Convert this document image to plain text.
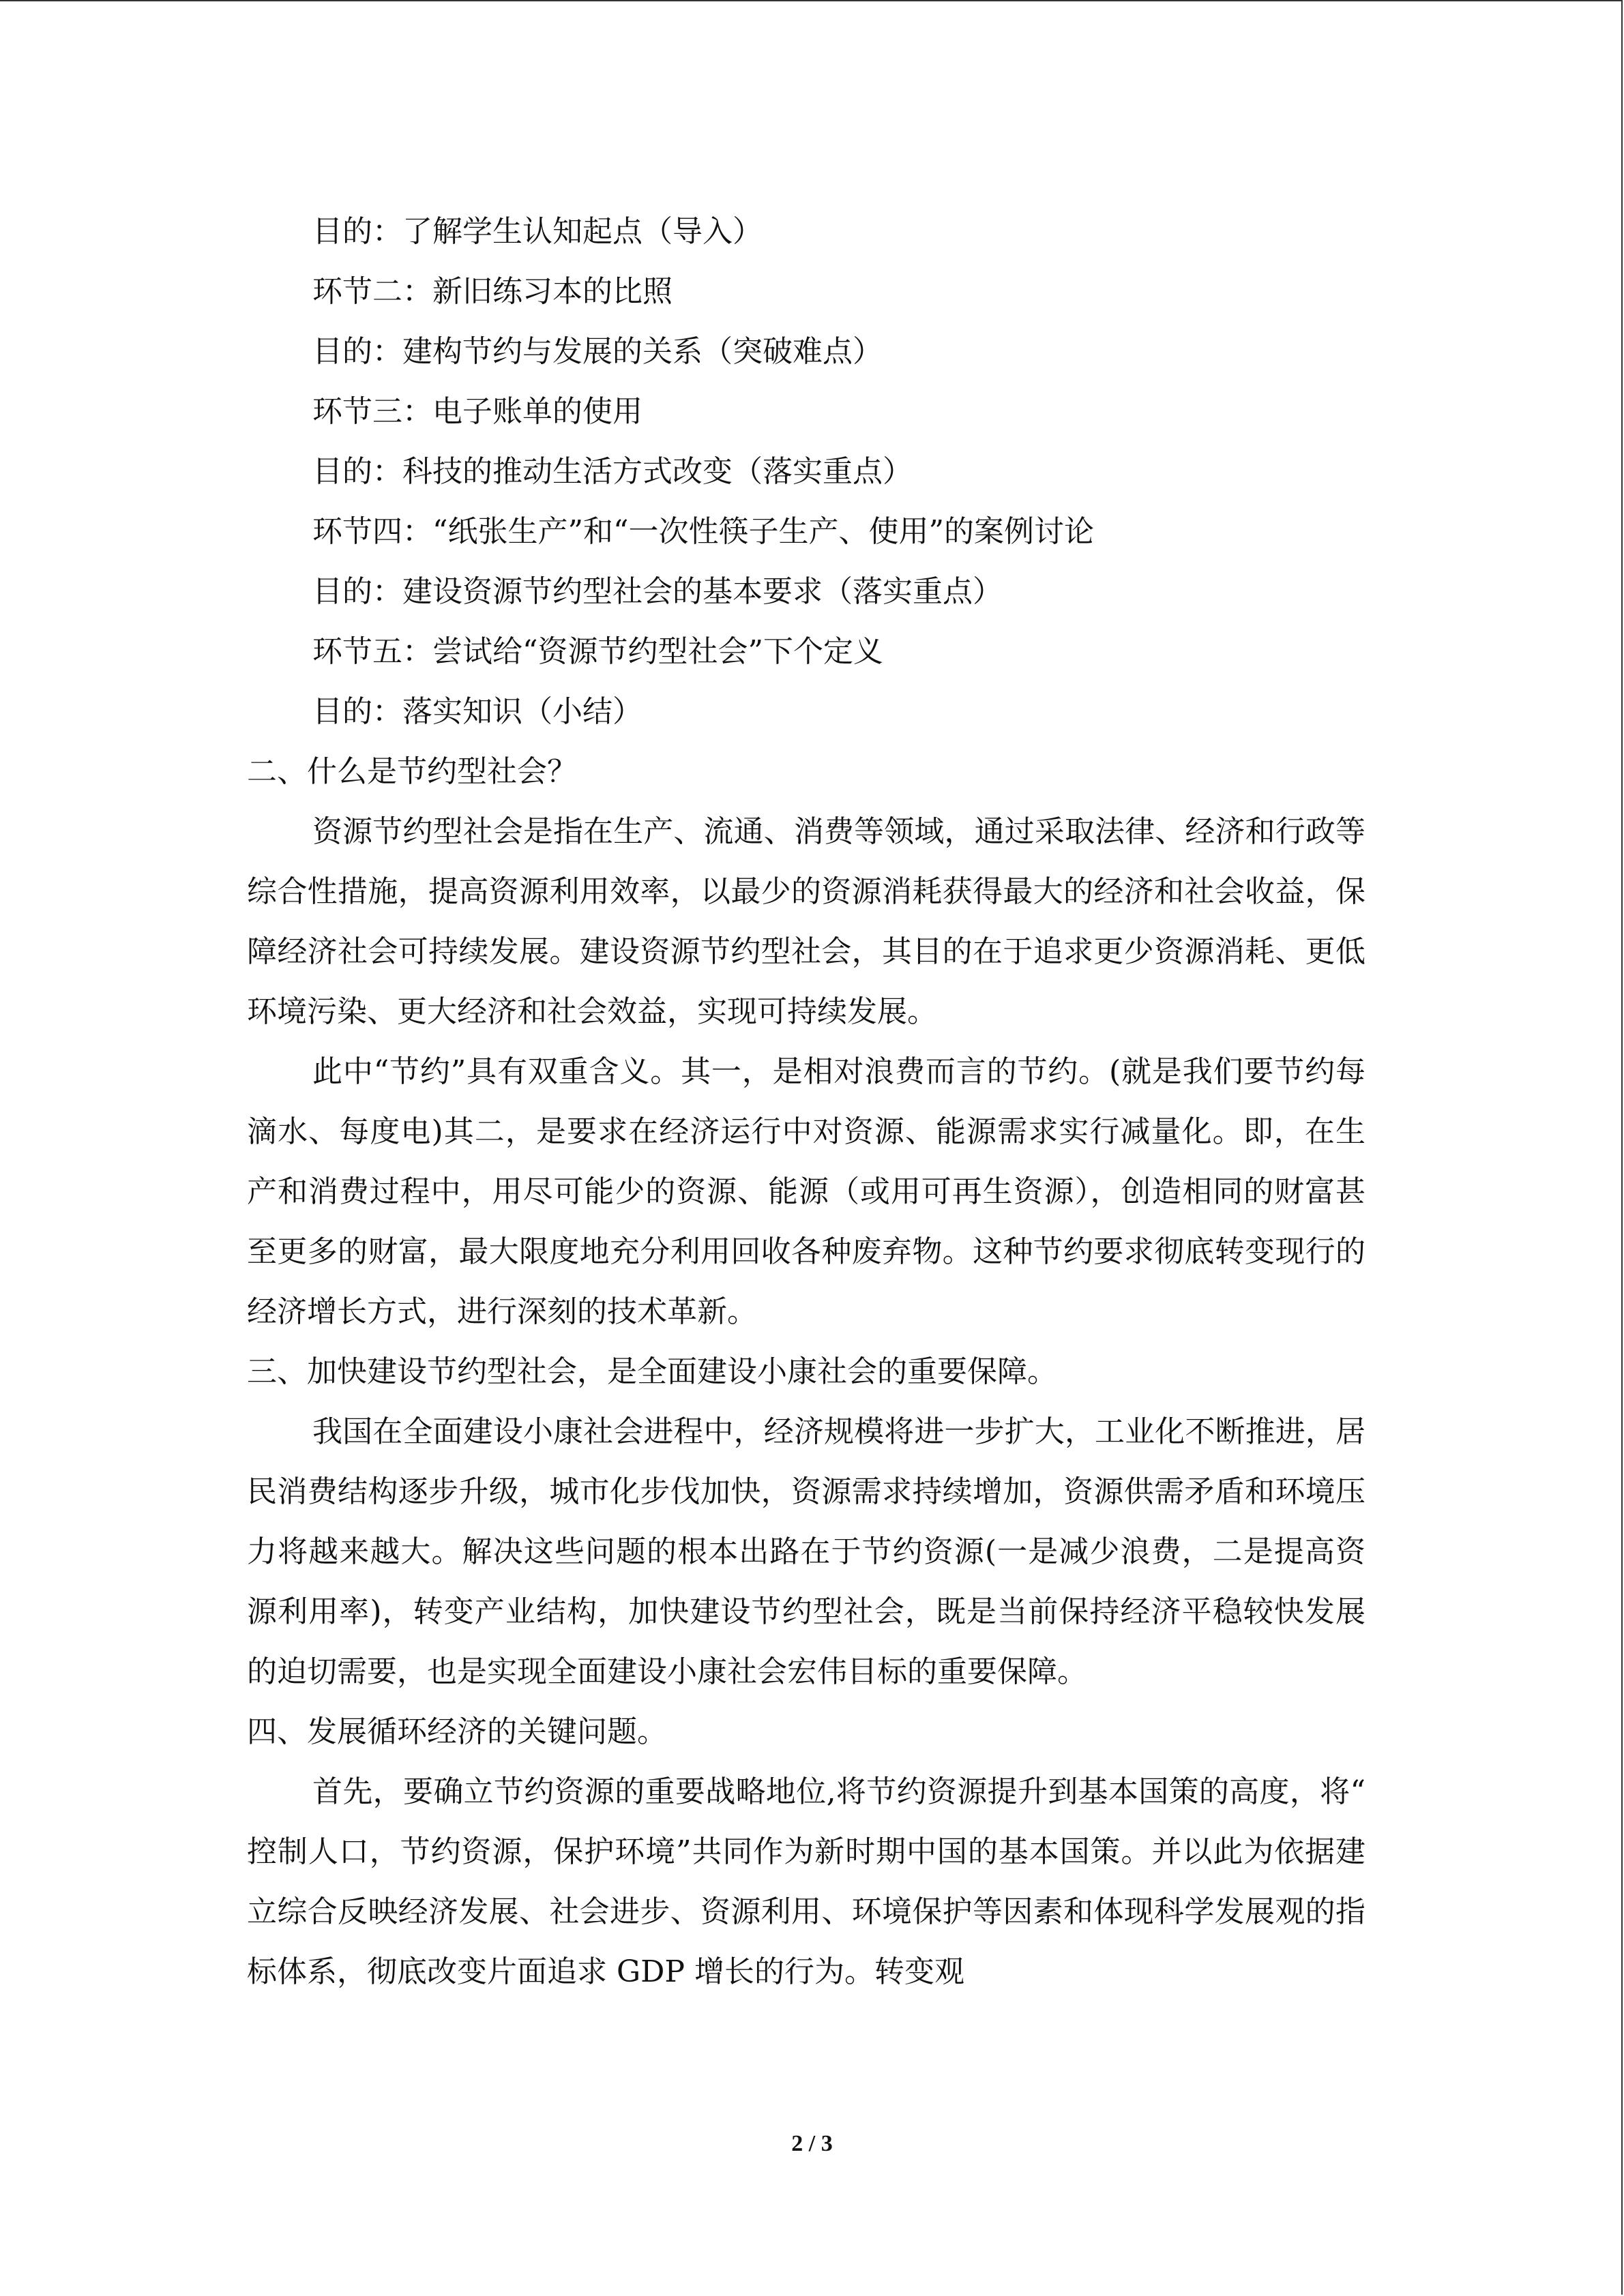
目的：了解学生认知起点（导入）
环节二：新旧练习本的比照
目的：建构节约与发展的关系（突破难点）
环节三：电子账单的使用
目的：科技的推动生活方式改变（落实重点）
环节四：“纸张生产”和“一次性筷子生产、使用”的案例讨论
目的：建设资源节约型社会的基本要求（落实重点）
环节五：尝试给“资源节约型社会”下个定义
目的：落实知识（小结）
二、什么是节约型社会？

资源节约型社会是指在生产、流通、消费等领域，通过采取法律、经济和行政等综合性措施，提高资源利用效率，以最少的资源消耗获得最大的经济和社会收益，保障经济社会可持续发展。建设资源节约型社会，其目的在于追求更少资源消耗、更低环境污染、更大经济和社会效益，实现可持续发展。

此中“节约”具有双重含义。其一，是相对浪费而言的节约。(就是我们要节约每滴水、每度电)其二，是要求在经济运行中对资源、能源需求实行减量化。即，在生产和消费过程中，用尽可能少的资源、能源（或用可再生资源），创造相同的财富甚至更多的财富，最大限度地充分利用回收各种废弃物。这种节约要求彻底转变现行的经济增长方式，进行深刻的技术革新。

三、加快建设节约型社会，是全面建设小康社会的重要保障。

我国在全面建设小康社会进程中，经济规模将进一步扩大，工业化不断推进，居民消费结构逐步升级，城市化步伐加快，资源需求持续增加，资源供需矛盾和环境压力将越来越大。解决这些问题的根本出路在于节约资源(一是减少浪费，二是提高资源利用率)，转变产业结构，加快建设节约型社会，既是当前保持经济平稳较快发展的迫切需要，也是实现全面建设小康社会宏伟目标的重要保障。

四、发展循环经济的关键问题。

首先，要确立节约资源的重要战略地位,将节约资源提升到基本国策的高度，将“控制人口，节约资源，保护环境”共同作为新时期中国的基本国策。并以此为依据建立综合反映经济发展、社会进步、资源利用、环境保护等因素和体现科学发展观的指标体系，彻底改变片面追求 GDP 增长的行为。转变观

2 / 3
